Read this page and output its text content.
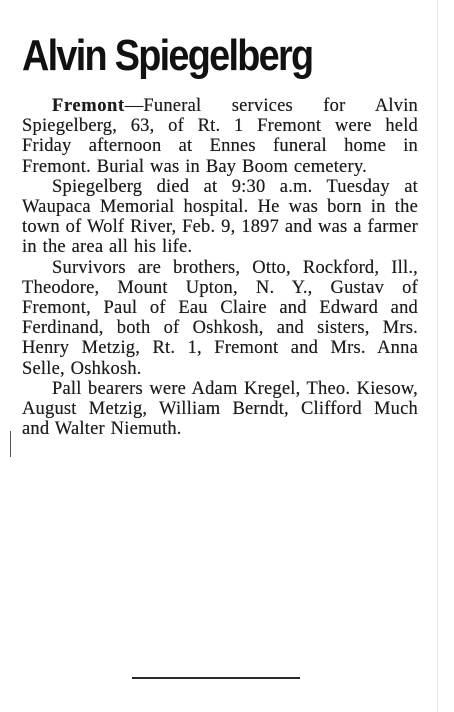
Alvin Spiegelberg

Fremont—Funeral services for Alvin Spiegelberg, 63, of Rt. 1 Fremont were held Friday afternoon at Ennes funeral home in Fremont. Burial was in Bay Boom cemetery.

Spiegelberg died at 9:30 a.m. Tuesday at Waupaca Memorial hospital. He was born in the town of Wolf River, Feb. 9, 1897 and was a farmer in the area all his life.

Survivors are brothers, Otto, Rockford, Ill., Theodore, Mount Upton, N. Y., Gustav of Fremont, Paul of Eau Claire and Edward and Ferdinand, both of Oshkosh, and sisters, Mrs. Henry Metzig, Rt. 1, Fremont and Mrs. Anna Selle, Oshkosh.

Pall bearers were Adam Kregel, Theo. Kiesow, August Metzig, William Berndt, Clifford Much and Walter Niemuth.
